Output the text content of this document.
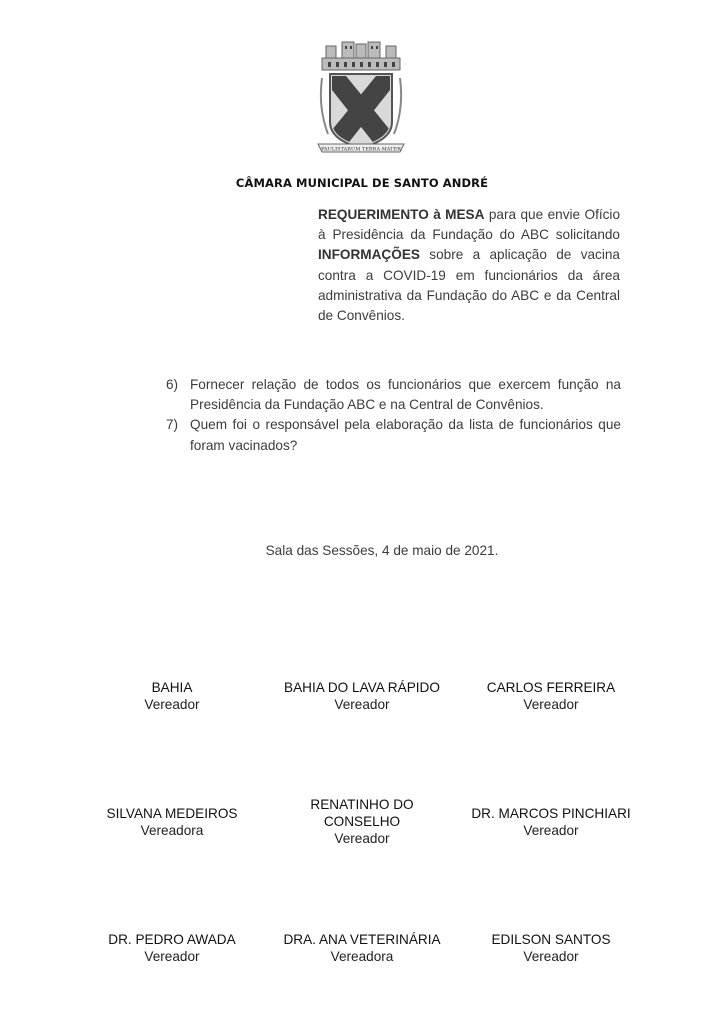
PAULISTARUM TERRA MATER
CÂMARA MUNICIPAL DE SANTO ANDRÉ
REQUERIMENTO à MESA para que envie Ofício à Presidência da Fundação do ABC solicitando INFORMAÇÕES sobre a aplicação de vacina contra a COVID-19 em funcionários da área administrativa da Fundação do ABC e da Central de Convênios.
6) Fornecer relação de todos os funcionários que exercem função na Presidência da Fundação ABC e na Central de Convênios.
7) Quem foi o responsável pela elaboração da lista de funcionários que foram vacinados?
Sala das Sessões, 4 de maio de 2021.
BAHIA
Vereador
BAHIA DO LAVA RÁPIDO
Vereador
CARLOS FERREIRA
Vereador
SILVANA MEDEIROS
Vereadora
RENATINHO DO CONSELHO
Vereador
DR. MARCOS PINCHIARI
Vereador
DR. PEDRO AWADA
Vereador
DRA. ANA VETERINÁRIA
Vereadora
EDILSON SANTOS
Vereador
